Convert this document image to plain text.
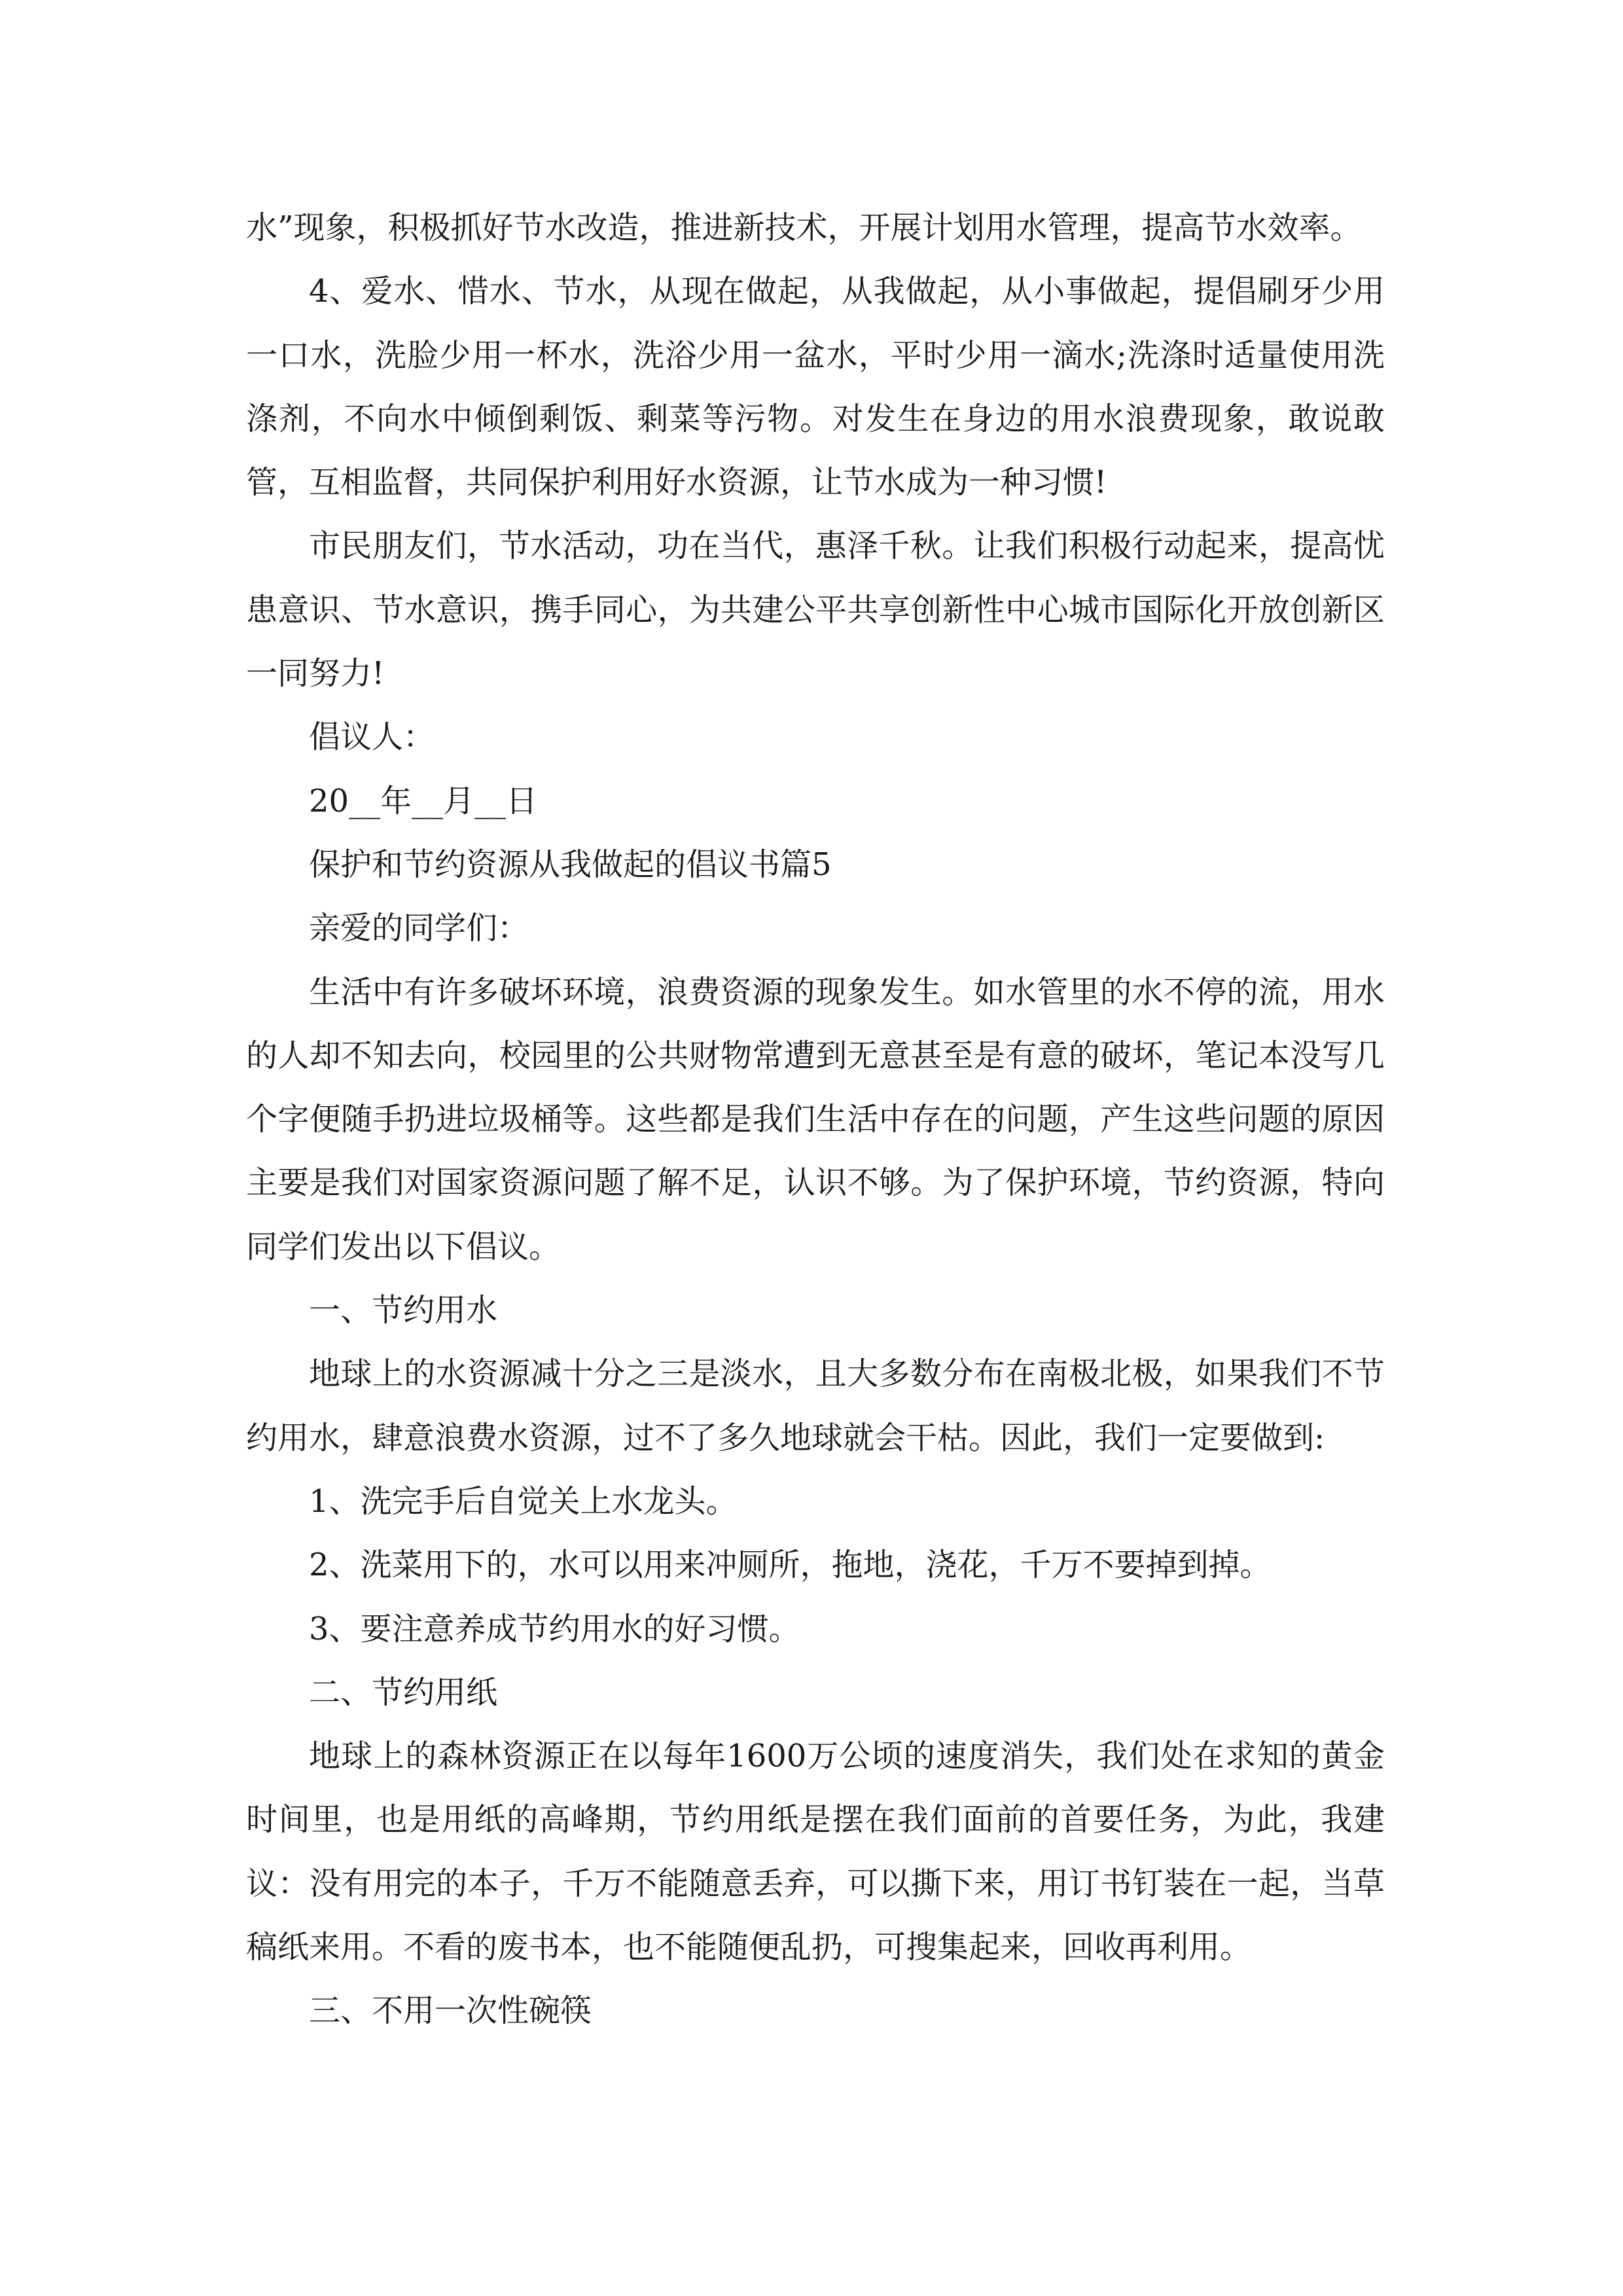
水”现象，积极抓好节水改造，推进新技术，开展计划用水管理，提高节水效率。

4、爱水、惜水、节水，从现在做起，从我做起，从小事做起，提倡刷牙少用一口水，洗脸少用一杯水，洗浴少用一盆水，平时少用一滴水;洗涤时适量使用洗涤剂，不向水中倾倒剩饭、剩菜等污物。对发生在身边的用水浪费现象，敢说敢管，互相监督，共同保护利用好水资源，让节水成为一种习惯!

市民朋友们，节水活动，功在当代，惠泽千秋。让我们积极行动起来，提高忧患意识、节水意识，携手同心，为共建公平共享创新性中心城市国际化开放创新区一同努力!

倡议人：

20__年__月__日

保护和节约资源从我做起的倡议书篇5

亲爱的同学们：

生活中有许多破坏环境，浪费资源的现象发生。如水管里的水不停的流，用水的人却不知去向，校园里的公共财物常遭到无意甚至是有意的破坏，笔记本没写几个字便随手扔进垃圾桶等。这些都是我们生活中存在的问题，产生这些问题的原因主要是我们对国家资源问题了解不足，认识不够。为了保护环境，节约资源，特向同学们发出以下倡议。

一、节约用水

地球上的水资源减十分之三是淡水，且大多数分布在南极北极，如果我们不节约用水，肆意浪费水资源，过不了多久地球就会干枯。因此，我们一定要做到:

1、洗完手后自觉关上水龙头。

2、洗菜用下的，水可以用来冲厕所，拖地，浇花，千万不要掉到掉。

3、要注意养成节约用水的好习惯。

二、节约用纸

地球上的森林资源正在以每年1600万公顷的速度消失，我们处在求知的黄金时间里，也是用纸的高峰期，节约用纸是摆在我们面前的首要任务，为此，我建议：没有用完的本子，千万不能随意丢弃，可以撕下来，用订书钉装在一起，当草稿纸来用。不看的废书本，也不能随便乱扔，可搜集起来，回收再利用。

三、不用一次性碗筷
